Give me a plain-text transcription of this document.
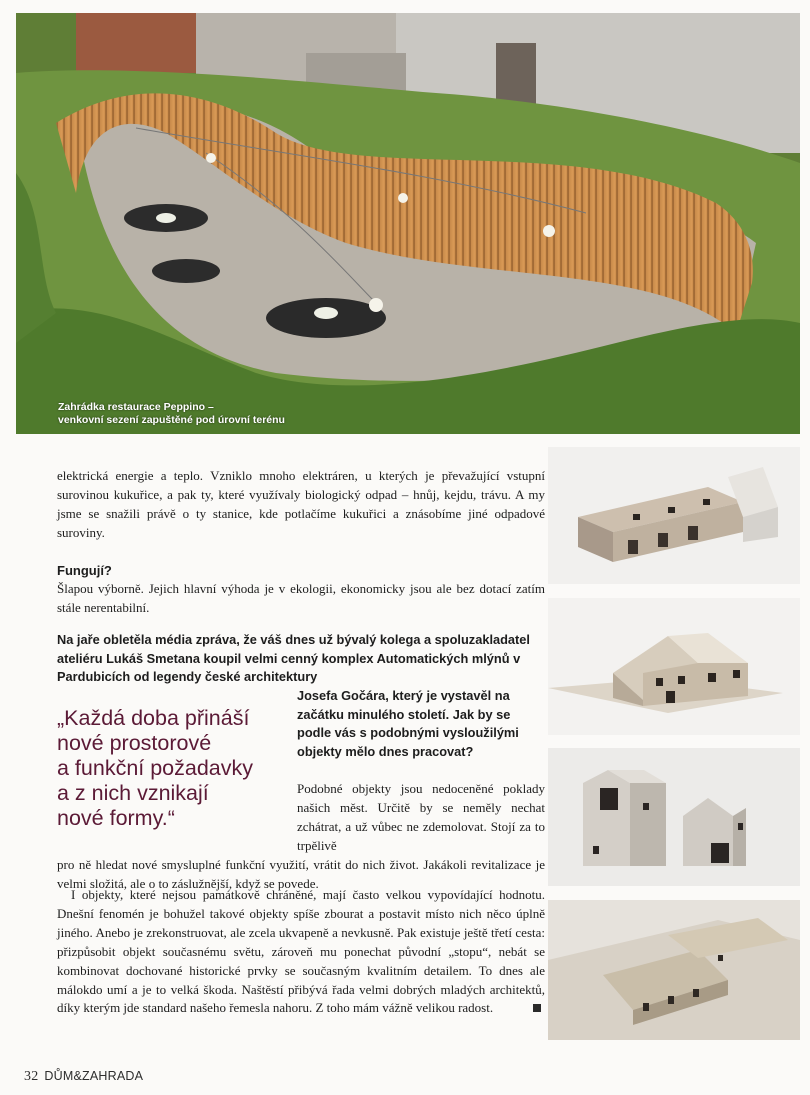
Zahrádka restaurace Peppino –
venkovní sezení zapuštěné pod úrovní terénu

elektrická energie a teplo. Vzniklo mnoho elektráren, u kterých je převažující vstupní surovinou kukuřice, a pak ty, které využívaly biologický odpad – hnůj, kejdu, trávu. A my jsme se snažili právě o ty stanice, kde potlačíme kukuřici a znásobíme jiné odpadové suroviny.

Fungují?

Šlapou výborně. Jejich hlavní výhoda je v ekologii, ekonomicky jsou ale bez dotací zatím stále nerentabilní.

Na jaře obletěla média zpráva, že váš dnes už bývalý kolega a spoluzakladatel ateliéru Lukáš Smetana koupil velmi cenný komplex Automatických mlýnů v Pardubicích od legendy české architektury

Josefa Gočára, který je vystavěl na začátku minulého století. Jak by se podle vás s podobnými vysloužilými objekty mělo dnes pracovat?

„Každá doba přináší
nové prostorové
a funkční požadavky
a z nich vznikají
nové formy.“

Podobné objekty jsou nedoceněné poklady našich měst. Určitě by se neměly nechat zchátrat, a už vůbec ne zdemolovat. Stojí za to trpělivě

pro ně hledat nové smysluplné funkční využití, vrátit do nich život. Jakákoli revitalizace je velmi složitá, ale o to záslužnější, když se povede.

I objekty, které nejsou památkově chráněné, mají často velkou vypovídající hodnotu. Dnešní fenomén je bohužel takové objekty spíše zbourat a postavit místo nich něco úplně jiného. Anebo je zrekonstruovat, ale zcela ukvapeně a nevkusně. Pak existuje ještě třetí cesta: přizpůsobit objekt současnému světu, zároveň mu ponechat původní „stopu“, nebát se kombinovat dochované historické prvky se současným kvalitním detailem. To dnes ale málokdo umí a je to velká škoda. Naštěstí přibývá řada velmi dobrých mladých architektů, díky kterým jde standard našeho řemesla nahoru. Z toho mám vážně velikou radost.

32 DŮM&ZAHRADA
